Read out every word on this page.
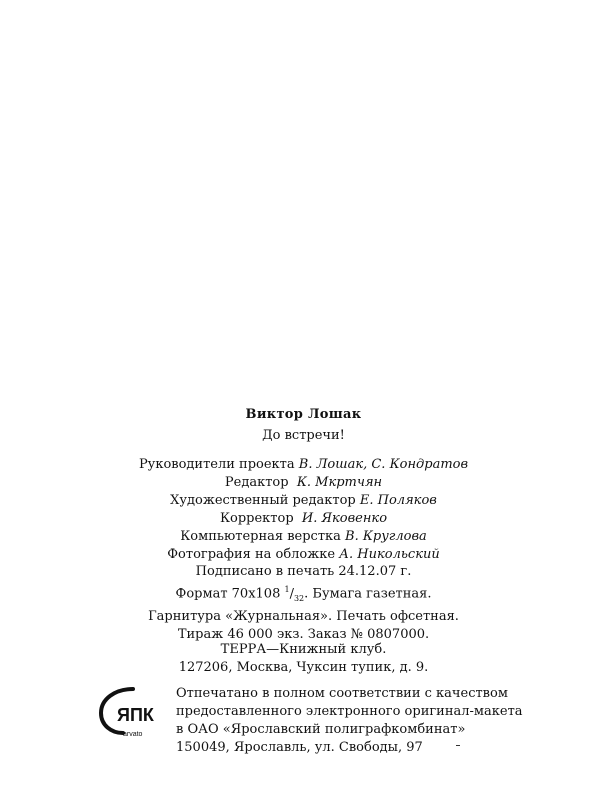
Виктор Лошак
До встречи!
Руководители проекта В. Лошак, С. Кондратов
Редактор К. Мкртчян
Художественный редактор Е. Поляков
Корректор И. Яковенко
Компьютерная верстка В. Круглова
Фотография на обложке А. Никольский
Подписано в печать 24.12.07 г.
Формат 70х108 $^1/_{32}$. Бумага газетная.
Гарнитура «Журнальная». Печать офсетная.
Тираж 46 000 экз. Заказ № 0807000.
ТЕРРА—Книжный клуб.
127206, Москва, Чуксин тупик, д. 9.
ЯПК
arvato
Отпечатано в полном соответствии с качеством
предоставленного электронного оригинал-макета
в ОАО «Ярославский полиграфкомбинат»
150049, Ярославль, ул. Свободы, 97
